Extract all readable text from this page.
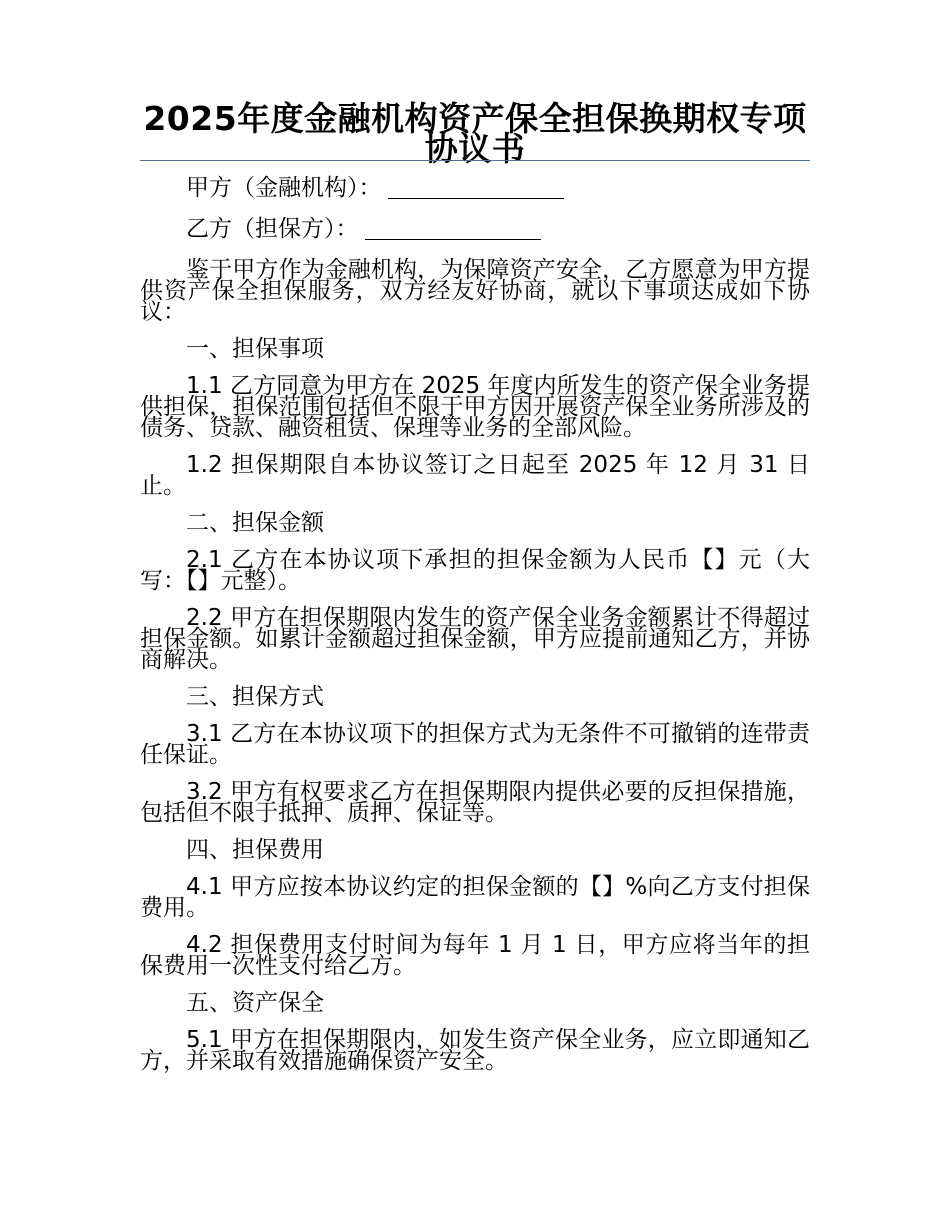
2025年度金融机构资产保全担保换期权专项协议书

甲方（金融机构）：

乙方（担保方）：

鉴于甲方作为金融机构，为保障资产安全，乙方愿意为甲方提供资产保全担保服务，双方经友好协商，就以下事项达成如下协议：

一、担保事项

1.1 乙方同意为甲方在 2025 年度内所发生的资产保全业务提供担保，担保范围包括但不限于甲方因开展资产保全业务所涉及的债务、贷款、融资租赁、保理等业务的全部风险。

1.2 担保期限自本协议签订之日起至 2025 年 12 月 31 日止。

二、担保金额

2.1 乙方在本协议项下承担的担保金额为人民币【】元（大写：【】元整）。

2.2 甲方在担保期限内发生的资产保全业务金额累计不得超过担保金额。如累计金额超过担保金额，甲方应提前通知乙方，并协商解决。

三、担保方式

3.1 乙方在本协议项下的担保方式为无条件不可撤销的连带责任保证。

3.2 甲方有权要求乙方在担保期限内提供必要的反担保措施，包括但不限于抵押、质押、保证等。

四、担保费用

4.1 甲方应按本协议约定的担保金额的【】%向乙方支付担保费用。

4.2 担保费用支付时间为每年 1 月 1 日，甲方应将当年的担保费用一次性支付给乙方。

五、资产保全

5.1 甲方在担保期限内，如发生资产保全业务，应立即通知乙方，并采取有效措施确保资产安全。
